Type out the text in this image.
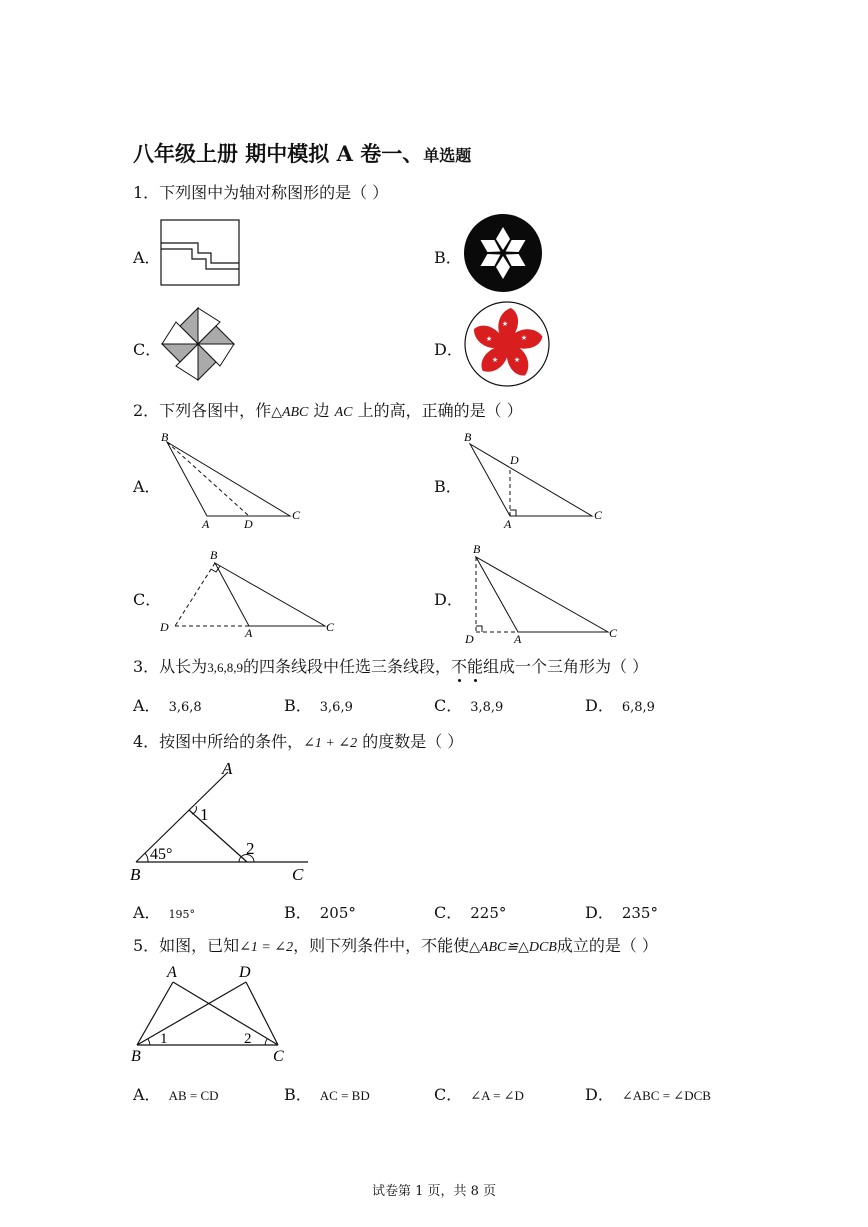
八年级上册 期中模拟 A 卷一、单选题
1．下列图中为轴对称图形的是（ ）
A．	B．
C．	D．
★
★
★
★
★
2．下列各图中，作△ABC 边 AC 上的高，正确的是（ ）
A．
B
A	D
C
B．
B
D
A
C
C．
B
D	A	C
D．
B
D	A	C
3．从长为3,6,8,9的四条线段中任选三条线段，不能组成一个三角形为（ ）
A． 3,6,8	B． 3,6,9	C． 3,8,9	D． 6,8,9
4．按图中所给的条件，∠1 + ∠2 的度数是（ ）
A
B	C
1
2
45°
A． 195°	B． 205°	C． 225°	D． 235°
5．如图，已知∠1 = ∠2，则下列条件中，不能使△ABC≌△DCB成立的是（ ）
A	D
B	C
1	2
A． AB = CD	B． AC = BD	C． ∠A = ∠D	D． ∠ABC = ∠DCB
试卷第 1 页，共 8 页
